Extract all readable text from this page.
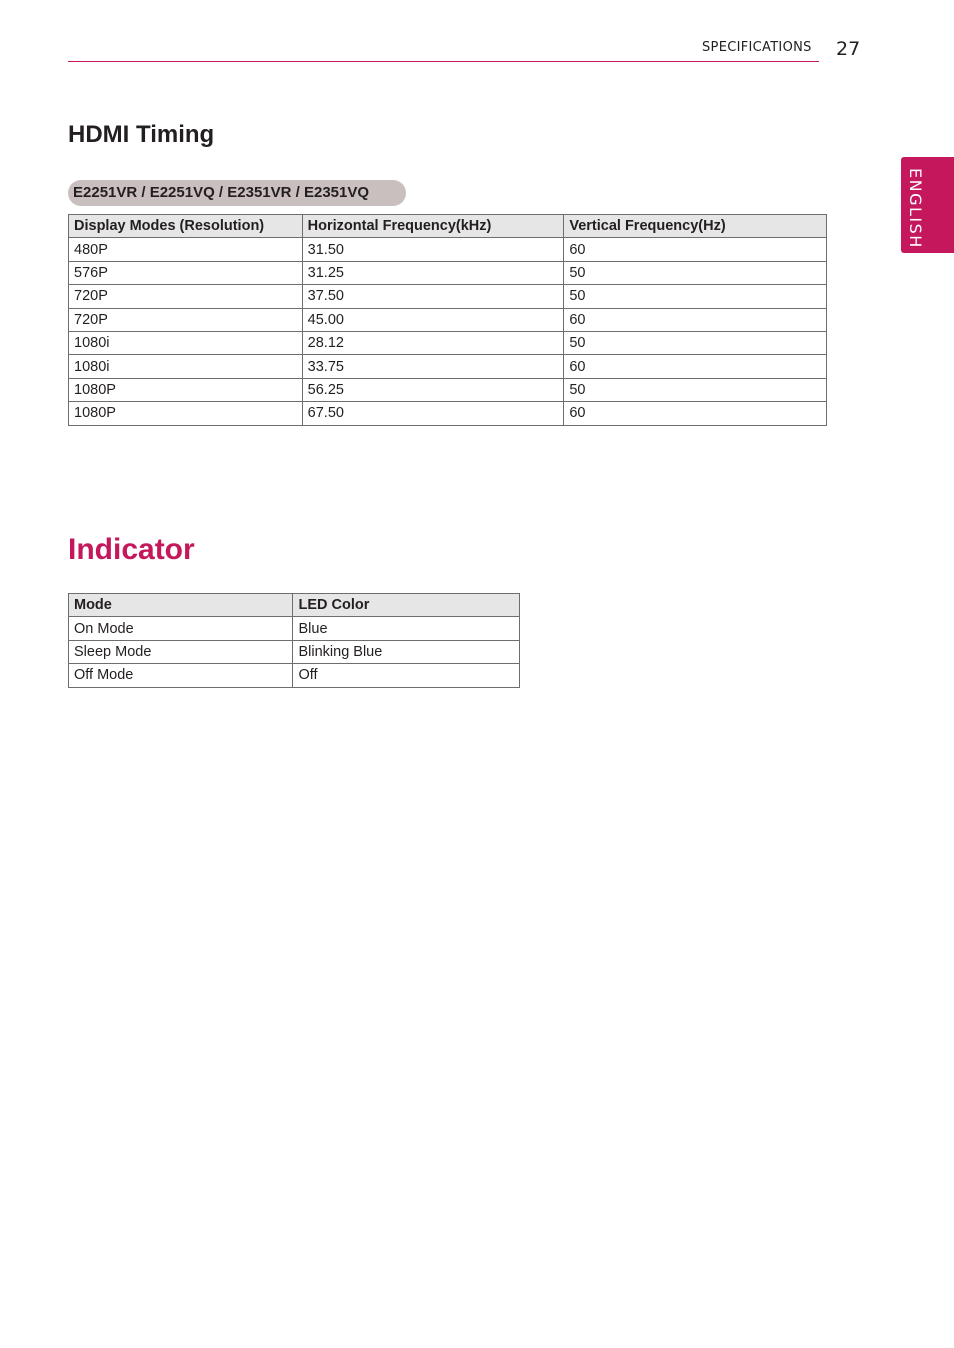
SPECIFICATIONS 27
ENGLISH
HDMI Timing
E2251VR / E2251VQ / E2351VR / E2351VQ
Display Modes (Resolution)	Horizontal Frequency(kHz)	Vertical Frequency(Hz)
480P	31.50	60
576P	31.25	50
720P	37.50	50
720P	45.00	60
1080i	28.12	50
1080i	33.75	60
1080P	56.25	50
1080P	67.50	60
Indicator
Mode	LED Color
On Mode	Blue
Sleep Mode	Blinking Blue
Off Mode	Off
